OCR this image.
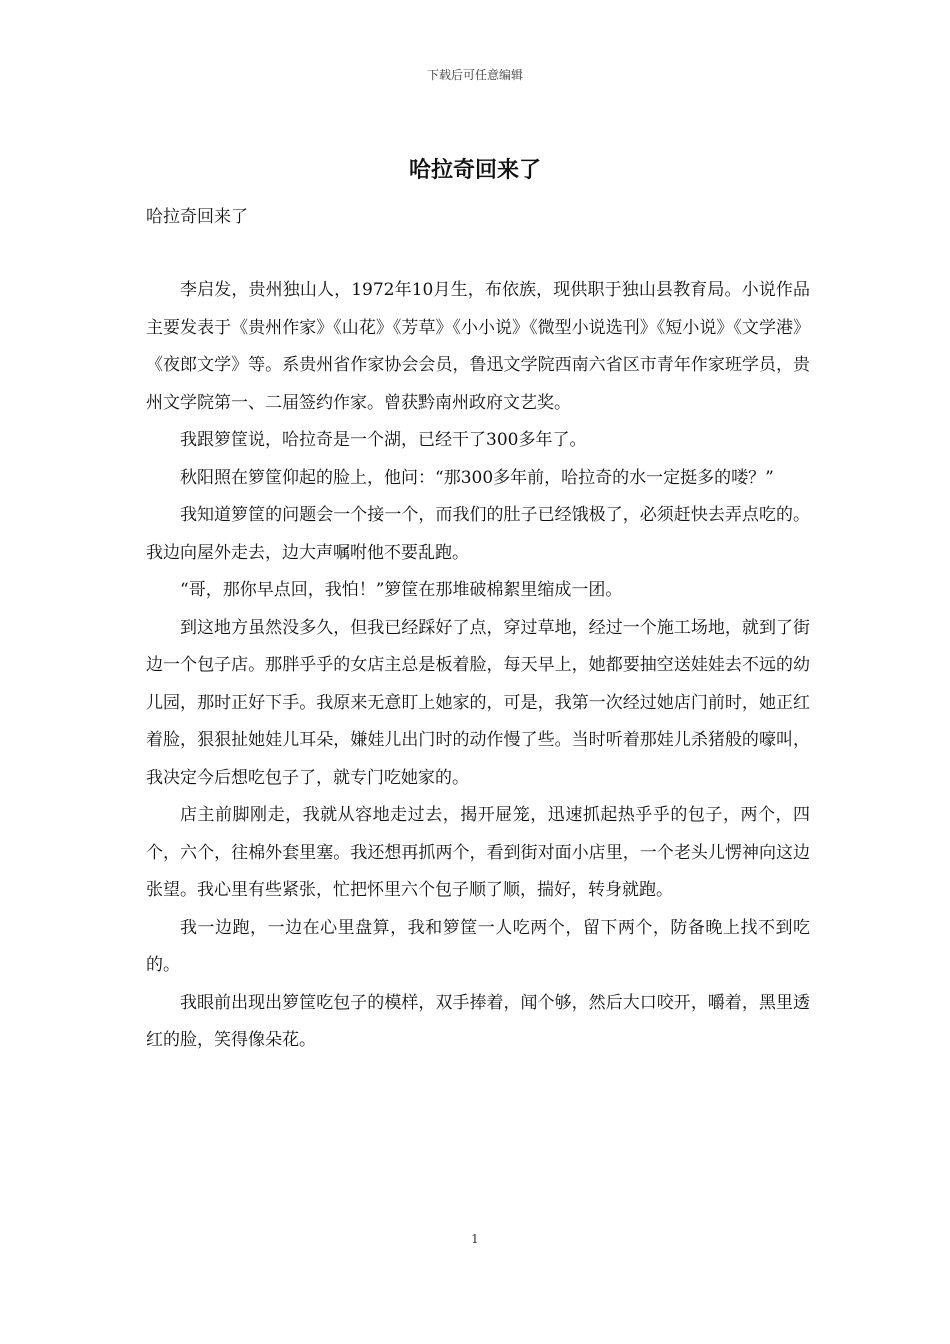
下载后可任意编辑
哈拉奇回来了

哈拉奇回来了

李启发，贵州独山人，1972年10月生，布依族，现供职于独山县教育局。小说作品主要发表于《贵州作家》《山花》《芳草》《小小说》《微型小说选刊》《短小说》《文学港》《夜郎文学》等。系贵州省作家协会会员，鲁迅文学院西南六省区市青年作家班学员，贵州文学院第一、二届签约作家。曾获黔南州政府文艺奖。

我跟箩筐说，哈拉奇是一个湖，已经干了300多年了。

秋阳照在箩筐仰起的脸上，他问：“那300多年前，哈拉奇的水一定挺多的喽？”

我知道箩筐的问题会一个接一个，而我们的肚子已经饿极了，必须赶快去弄点吃的。我边向屋外走去，边大声嘱咐他不要乱跑。

“哥，那你早点回，我怕！”箩筐在那堆破棉絮里缩成一团。

到这地方虽然没多久，但我已经踩好了点，穿过草地，经过一个施工场地，就到了街边一个包子店。那胖乎乎的女店主总是板着脸，每天早上，她都要抽空送娃娃去不远的幼儿园，那时正好下手。我原来无意盯上她家的，可是，我第一次经过她店门前时，她正红着脸，狠狠扯她娃儿耳朵，嫌娃儿出门时的动作慢了些。当时听着那娃儿杀猪般的嚎叫，我决定今后想吃包子了，就专门吃她家的。

店主前脚刚走，我就从容地走过去，揭开屉笼，迅速抓起热乎乎的包子，两个，四个，六个，往棉外套里塞。我还想再抓两个，看到街对面小店里，一个老头儿愣神向这边张望。我心里有些紧张，忙把怀里六个包子顺了顺，揣好，转身就跑。

我一边跑，一边在心里盘算，我和箩筐一人吃两个，留下两个，防备晚上找不到吃的。

我眼前出现出箩筐吃包子的模样，双手捧着，闻个够，然后大口咬开，嚼着，黑里透红的脸，笑得像朵花。

1
